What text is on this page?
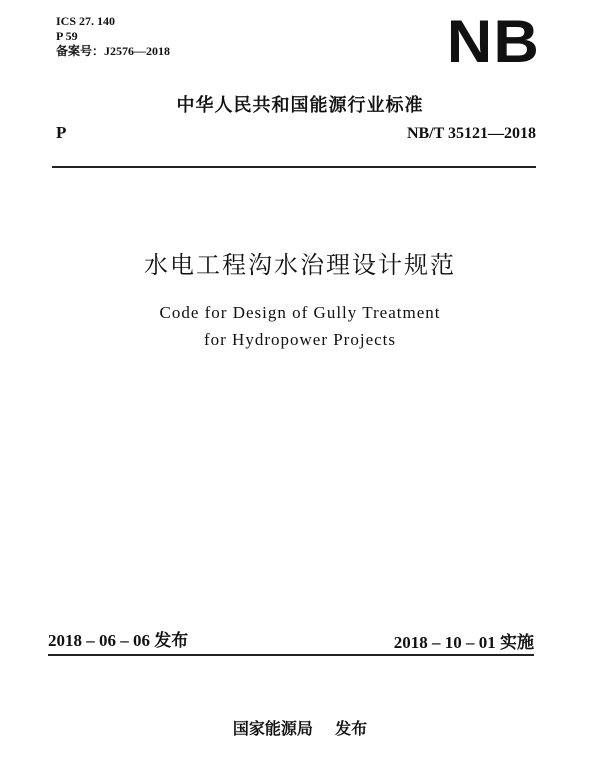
ICS 27. 140
P 59
备案号：J2576—2018	NB
中华人民共和国能源行业标准
P	NB/T 35121—2018
水电工程沟水治理设计规范
Code for Design of Gully Treatment
for Hydropower Projects
2018 – 06 – 06 发布	2018 – 10 – 01 实施
国家能源局    发布
